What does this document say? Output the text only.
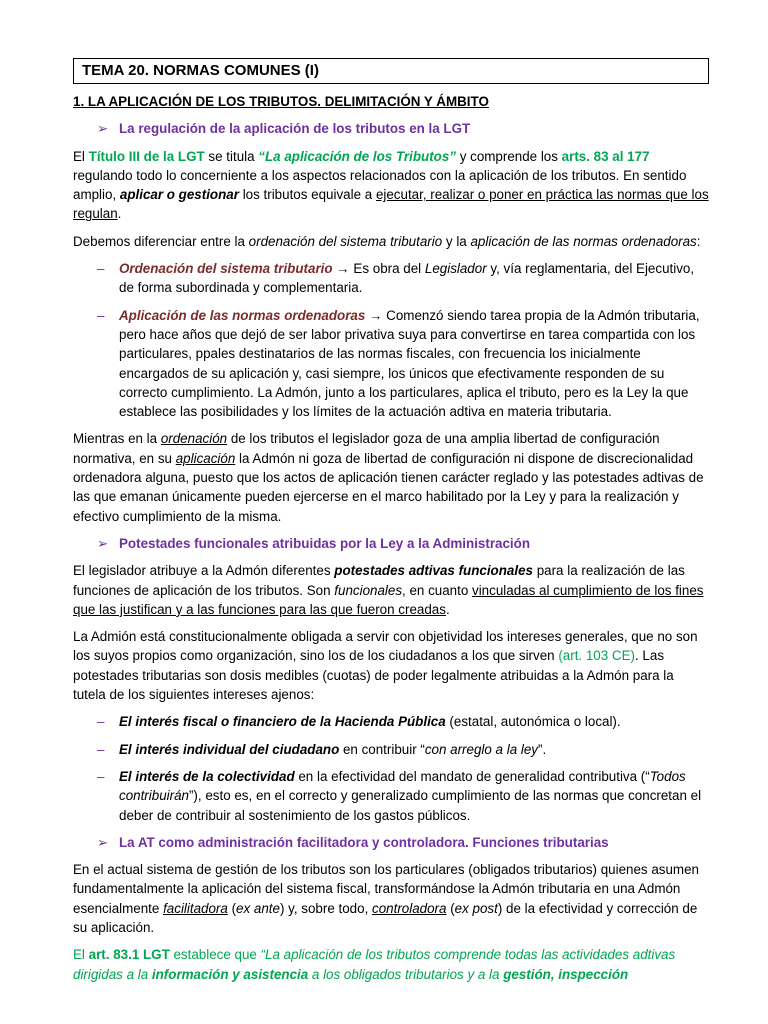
TEMA 20. NORMAS COMUNES (I)
1. LA APLICACIÓN DE LOS TRIBUTOS. DELIMITACIÓN Y ÁMBITO
➢ La regulación de la aplicación de los tributos en la LGT

El Título III de la LGT se titula “La aplicación de los Tributos” y comprende los arts. 83 al 177 regulando todo lo concerniente a los aspectos relacionados con la aplicación de los tributos. En sentido amplio, aplicar o gestionar los tributos equivale a ejecutar, realizar o poner en práctica las normas que los regulan.

Debemos diferenciar entre la ordenación del sistema tributario y la aplicación de las normas ordenadoras:

–	Ordenación del sistema tributario → Es obra del Legislador y, vía reglamentaria, del Ejecutivo, de forma subordinada y complementaria.
–	Aplicación de las normas ordenadoras → Comenzó siendo tarea propia de la Admón tributaria, pero hace años que dejó de ser labor privativa suya para convertirse en tarea compartida con los particulares, ppales destinatarios de las normas fiscales, con frecuencia los inicialmente encargados de su aplicación y, casi siempre, los únicos que efectivamente responden de su correcto cumplimiento. La Admón, junto a los particulares, aplica el tributo, pero es la Ley la que establece las posibilidades y los límites de la actuación adtiva en materia tributaria.

Mientras en la ordenación de los tributos el legislador goza de una amplia libertad de configuración normativa, en su aplicación la Admón ni goza de libertad de configuración ni dispone de discrecionalidad ordenadora alguna, puesto que los actos de aplicación tienen carácter reglado y las potestades adtivas de las que emanan únicamente pueden ejercerse en el marco habilitado por la Ley y para la realización y efectivo cumplimiento de la misma.

➢ Potestades funcionales atribuidas por la Ley a la Administración

El legislador atribuye a la Admón diferentes potestades adtivas funcionales para la realización de las funciones de aplicación de los tributos. Son funcionales, en cuanto vinculadas al cumplimiento de los fines que las justifican y a las funciones para las que fueron creadas.

La Admión está constitucionalmente obligada a servir con objetividad los intereses generales, que no son los suyos propios como organización, sino los de los ciudadanos a los que sirven (art. 103 CE). Las potestades tributarias son dosis medibles (cuotas) de poder legalmente atribuidas a la Admón para la tutela de los siguientes intereses ajenos:

–	El interés fiscal o financiero de la Hacienda Pública (estatal, autonómica o local).
–	El interés individual del ciudadano en contribuir “con arreglo a la ley”.
–	El interés de la colectividad en la efectividad del mandato de generalidad contributiva (“Todos contribuirán”), esto es, en el correcto y generalizado cumplimiento de las normas que concretan el deber de contribuir al sostenimiento de los gastos públicos.
➢ La AT como administración facilitadora y controladora. Funciones tributarias

En el actual sistema de gestión de los tributos son los particulares (obligados tributarios) quienes asumen fundamentalmente la aplicación del sistema fiscal, transformándose la Admón tributaria en una Admón esencialmente facilitadora (ex ante) y, sobre todo, controladora (ex post) de la efectividad y corrección de su aplicación.

El art. 83.1 LGT establece que “La aplicación de los tributos comprende todas las actividades adtivas dirigidas a la información y asistencia a los obligados tributarios y a la gestión, inspección
